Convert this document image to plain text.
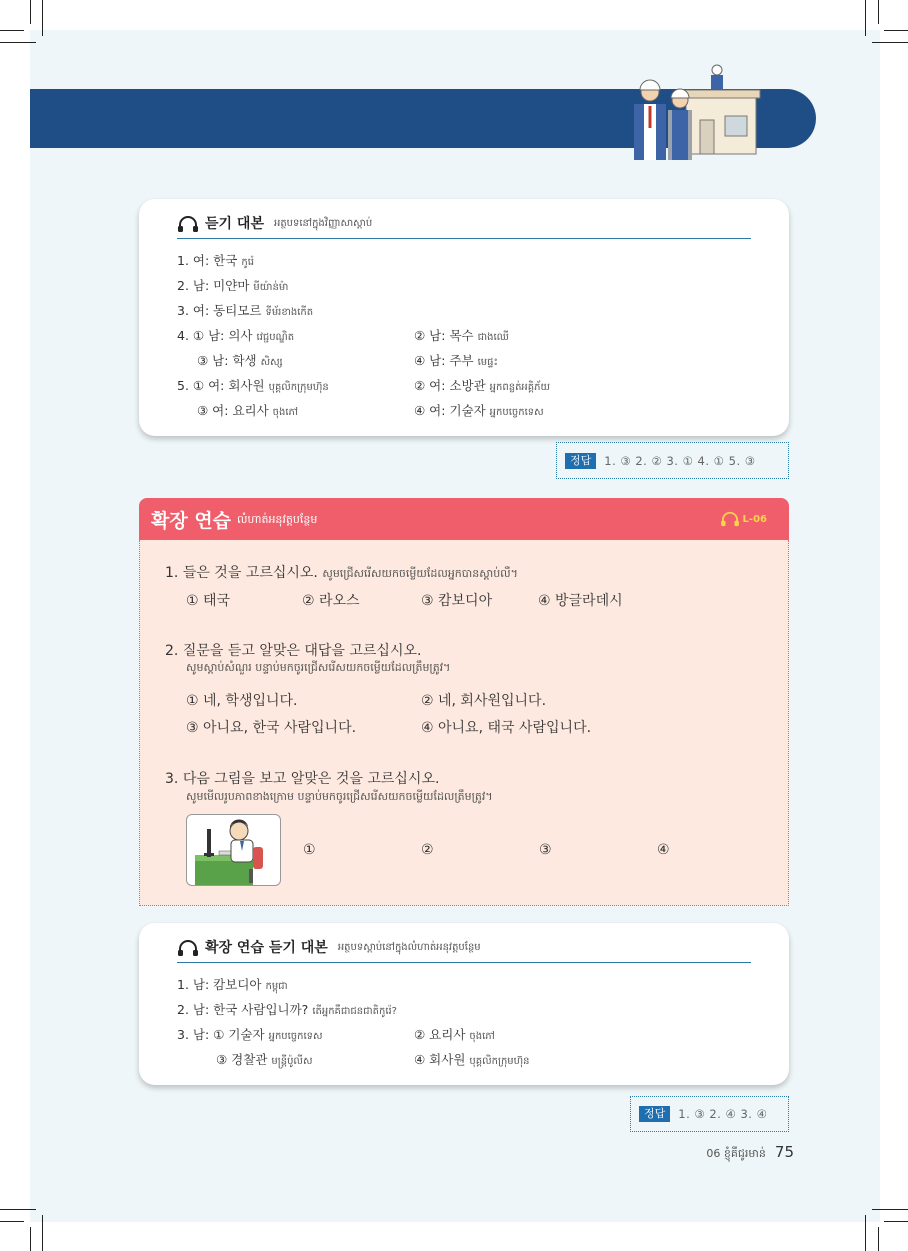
듣기 대본 អត្ថបទនៅក្នុងវិញ្ញាសាស្តាប់
1. 여: 한국 កូរ៉េ
2. 남: 미얀마 មីយ៉ាន់ម៉ា
3. 여: 동티모르 ទីម័រខាងកើត
4. ① 남: 의사 វេជ្ជបណ្ឌិត	② 남: 목수 ជាងឈើ
③ 남: 학생 សិស្ស	④ 남: 주부 មេផ្ទះ
5. ① 여: 회사원 បុគ្គលិកក្រុមហ៊ុន	② 여: 소방관 អ្នកពន្លត់អគ្គិភ័យ
③ 여: 요리사 ចុងភៅ	④ 여: 기술자 អ្នកបច្ចេកទេស
정답	1. ③ 2. ② 3. ① 4. ① 5. ③
확장 연습 លំហាត់អនុវត្តបន្ថែម	L-06
1. 들은 것을 고르십시오. សូមជ្រើសរើសយកចម្លើយដែលអ្នកបានស្តាប់លឺ។
① 태국	② 라오스	③ 캄보디아	④ 방글라데시
2. 질문을 듣고 알맞은 대답을 고르십시오.
សូមស្តាប់សំណួរ បន្ទាប់មកចូរជ្រើសរើសយកចម្លើយដែលត្រឹមត្រូវ។
① 네, 학생입니다.	② 네, 회사원입니다.
③ 아니요, 한국 사람입니다.	④ 아니요, 태국 사람입니다.
3. 다음 그림을 보고 알맞은 것을 고르십시오.
សូមមើលរូបភាពខាងក្រោម បន្ទាប់មកចូរជ្រើសរើសយកចម្លើយដែលត្រឹមត្រូវ។
①	②	③	④
확장 연습 듣기 대본 អត្ថបទស្តាប់នៅក្នុងលំហាត់អនុវត្តបន្ថែម
1. 남: 캄보디아 កម្ពុជា
2. 남: 한국 사람입니까? តើអ្នកគឺជាជនជាតិកូរ៉េ?
3. 남: ① 기술자 អ្នកបច្ចេកទេស	② 요리사 ចុងភៅ
③ 경찰관 មន្ត្រីប៉ូលីស	④ 회사원 បុគ្គលិកក្រុមហ៊ុន
정답	1. ③ 2. ④ 3. ④
06 ខ្ញុំគឺជូរមាន់ 75
